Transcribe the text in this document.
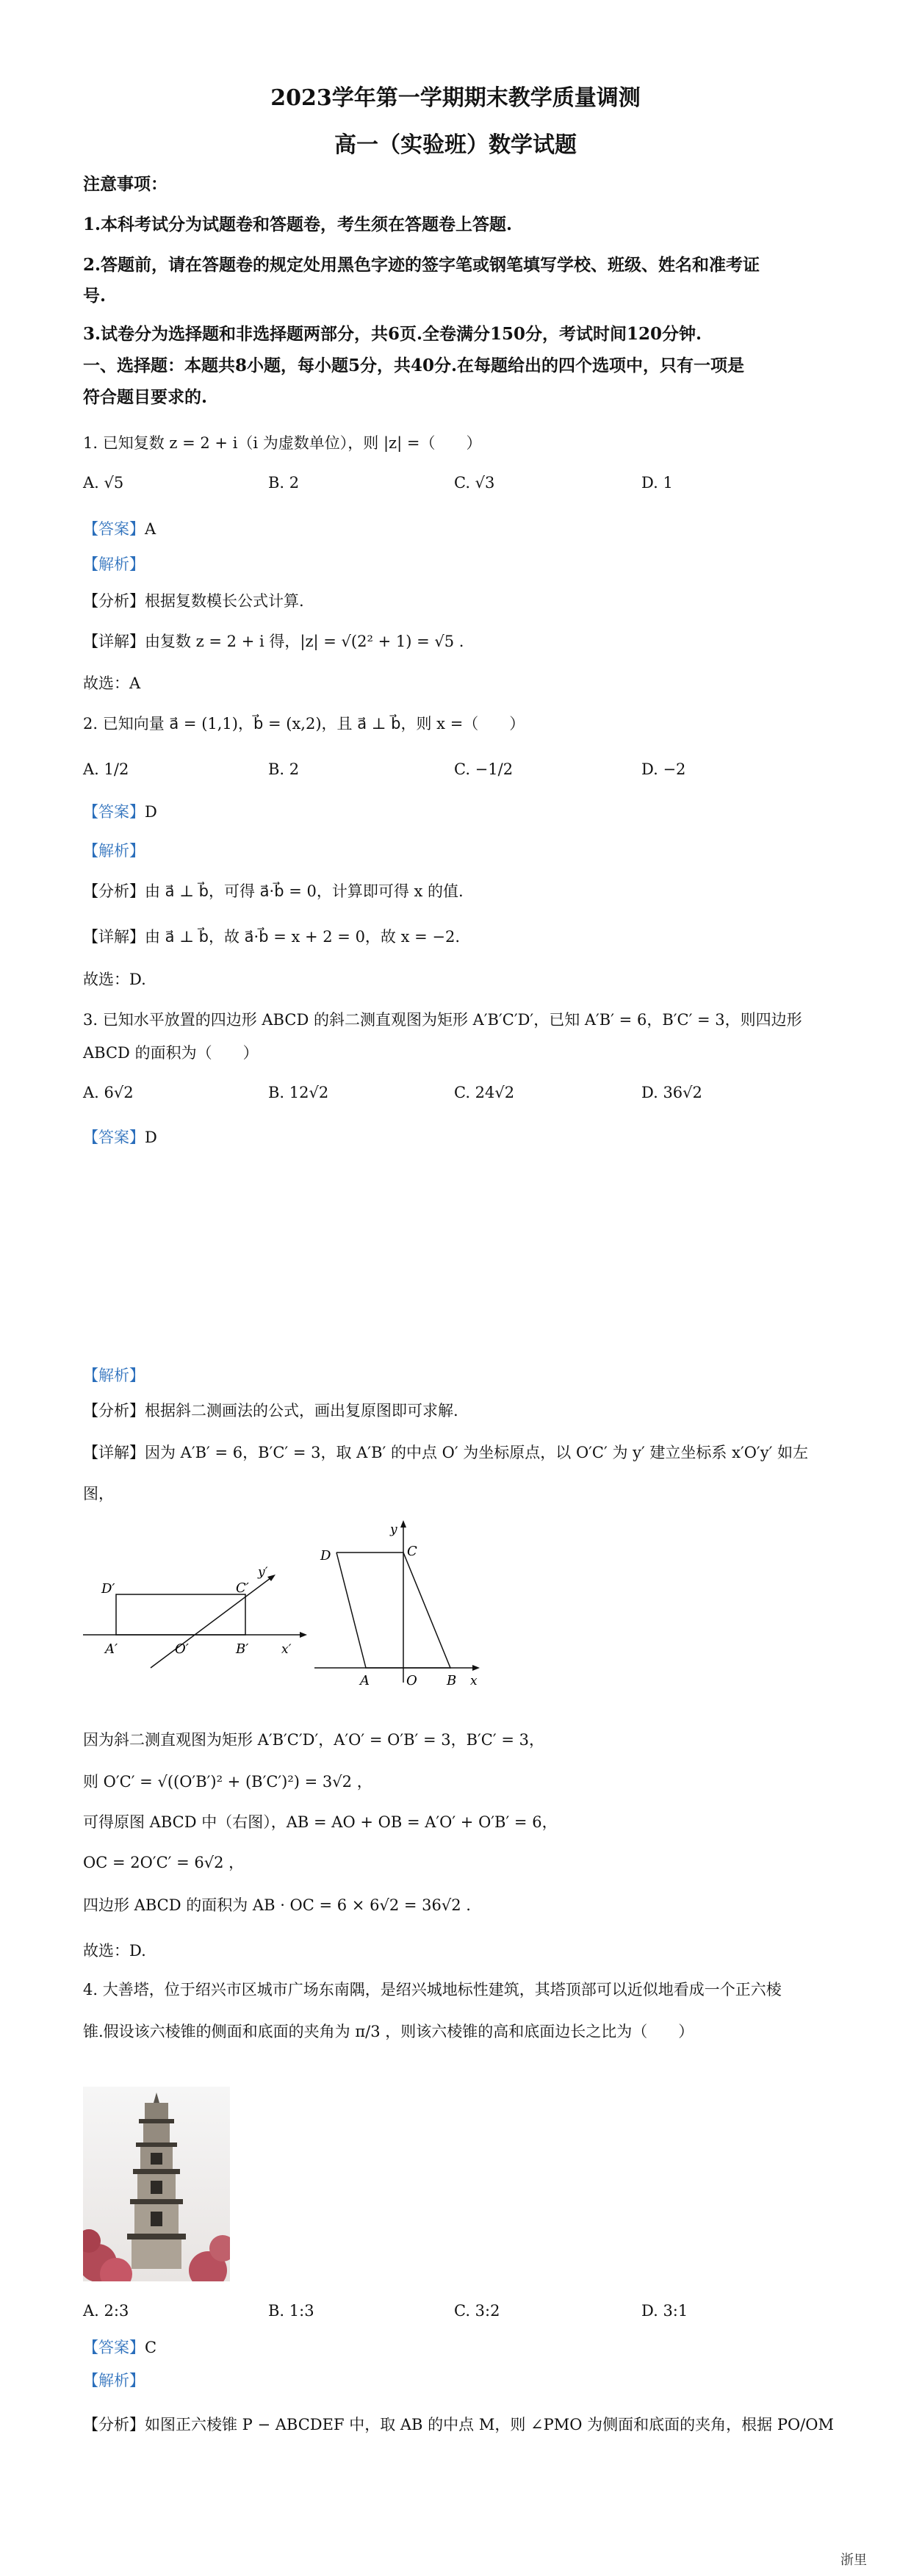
2023学年第一学期期末教学质量调测
高一（实验班）数学试题
注意事项：
1.本科考试分为试题卷和答题卷，考生须在答题卷上答题.
2.答题前，请在答题卷的规定处用黑色字迹的签字笔或钢笔填写学校、班级、姓名和准考证
号.
3.试卷分为选择题和非选择题两部分，共6页.全卷满分150分，考试时间120分钟.
一、选择题：本题共8小题，每小题5分，共40分.在每题给出的四个选项中，只有一项是
符合题目要求的.
1. 已知复数 z = 2 + i（i 为虚数单位），则 |z| =（　　）
A. √5	B. 2	C. √3	D. 1
【答案】A
【解析】
【分析】根据复数模长公式计算.
【详解】由复数 z = 2 + i 得，|z| = √(2² + 1) = √5 .
故选：A
2. 已知向量 a⃗ = (1,1)，b⃗ = (x,2)，且 a⃗ ⊥ b⃗，则 x =（　　）
A. 1/2	B. 2	C. −1/2	D. −2
【答案】D
【解析】
【分析】由 a⃗ ⊥ b⃗，可得 a⃗·b⃗ = 0，计算即可得 x 的值.
【详解】由 a⃗ ⊥ b⃗，故 a⃗·b⃗ = x + 2 = 0，故 x = −2.
故选：D.
3. 已知水平放置的四边形 ABCD 的斜二测直观图为矩形 A′B′C′D′，已知 A′B′ = 6，B′C′ = 3，则四边形
ABCD 的面积为（　　）
A. 6√2	B. 12√2	C. 24√2	D. 36√2
【答案】D
【解析】
【分析】根据斜二测画法的公式，画出复原图即可求解.
【详解】因为 A′B′ = 6，B′C′ = 3，取 A′B′ 的中点 O′ 为坐标原点，以 O′C′ 为 y′ 建立坐标系 x′O′y′ 如左
图，
D′	C′
y′
A′	O′	B′	x′
D	C
y
A	O B x
因为斜二测直观图为矩形 A′B′C′D′，A′O′ = O′B′ = 3，B′C′ = 3，
则 O′C′ = √((O′B′)² + (B′C′)²) = 3√2 ，
可得原图 ABCD 中（右图），AB = AO + OB = A′O′ + O′B′ = 6，
OC = 2O′C′ = 6√2 ，
四边形 ABCD 的面积为 AB · OC = 6 × 6√2 = 36√2 .
故选：D.
4. 大善塔，位于绍兴市区城市广场东南隅，是绍兴城地标性建筑，其塔顶部可以近似地看成一个正六棱
锥.假设该六棱锥的侧面和底面的夹角为 π/3 ，则该六棱锥的高和底面边长之比为（　　）
A. 2:3	B. 1:3	C. 3:2	D. 3:1
【答案】C
【解析】
【分析】如图正六棱锥 P − ABCDEF 中，取 AB 的中点 M，则 ∠PMO 为侧面和底面的夹角，根据 PO/OM
浙里
